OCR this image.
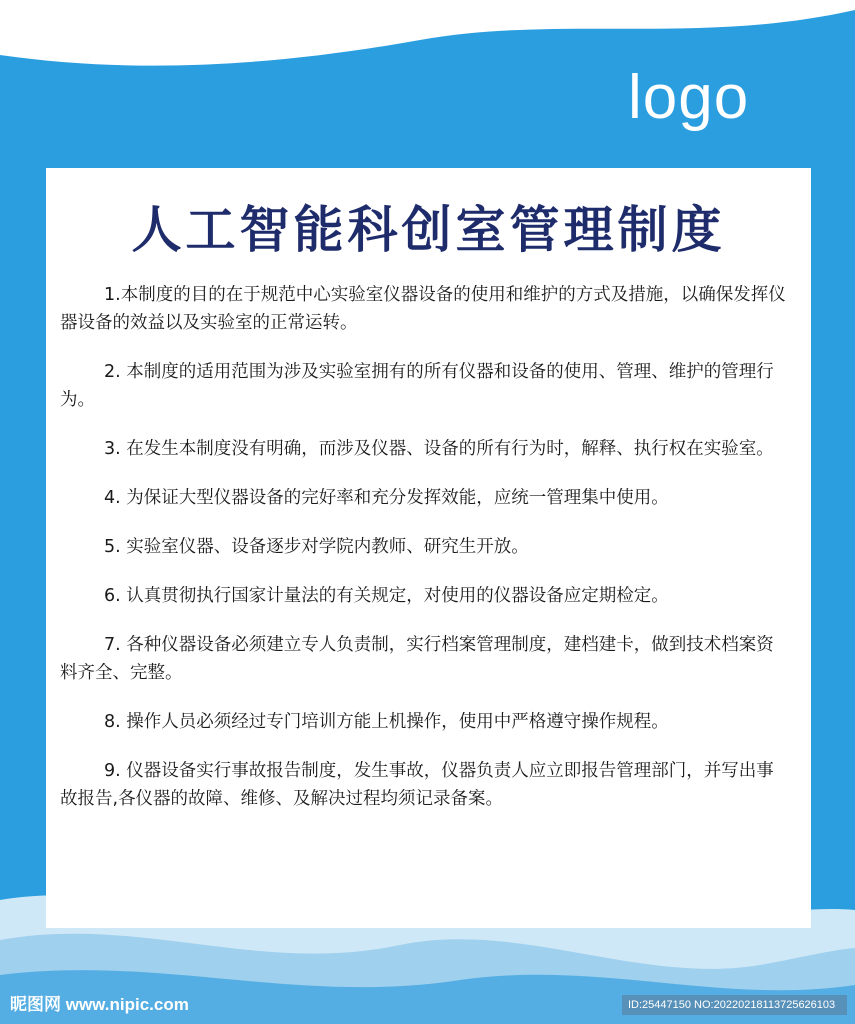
logo
人工智能科创室管理制度

1.本制度的目的在于规范中心实验室仪器设备的使用和维护的方式及措施，以确保发挥仪器设备的效益以及实验室的正常运转。

2. 本制度的适用范围为涉及实验室拥有的所有仪器和设备的使用、管理、维护的管理行为。

3. 在发生本制度没有明确，而涉及仪器、设备的所有行为时，解释、执行权在实验室。

4. 为保证大型仪器设备的完好率和充分发挥效能，应统一管理集中使用。

5. 实验室仪器、设备逐步对学院内教师、研究生开放。

6. 认真贯彻执行国家计量法的有关规定，对使用的仪器设备应定期检定。

7. 各种仪器设备必须建立专人负责制，实行档案管理制度，建档建卡，做到技术档案资料齐全、完整。

8. 操作人员必须经过专门培训方能上机操作，使用中严格遵守操作规程。

9. 仪器设备实行事故报告制度，发生事故，仪器负责人应立即报告管理部门，并写出事故报告,各仪器的故障、维修、及解决过程均须记录备案。

昵图网 www.nipic.com	ID:25447150 NO:20220218113725626103
